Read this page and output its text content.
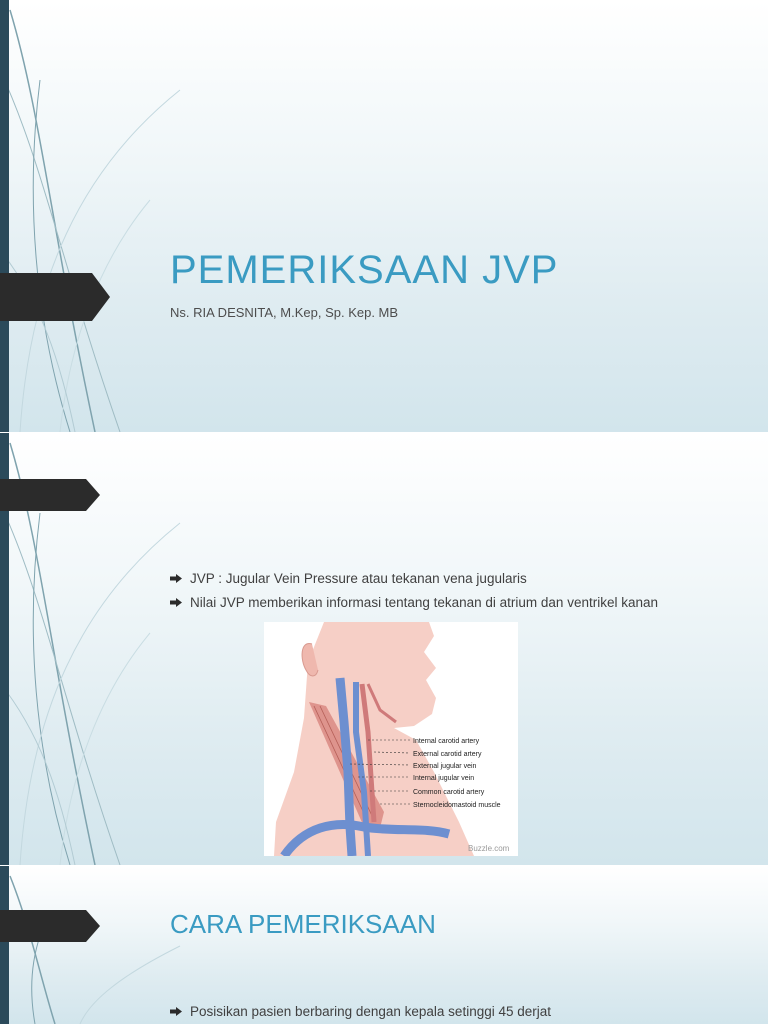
PEMERIKSAAN JVP

Ns. RIA DESNITA, M.Kep, Sp. Kep. MB

JVP : Jugular Vein Pressure atau tekanan vena jugularis
Nilai JVP memberikan informasi tentang tekanan di atrium dan ventrikel kanan
Internal carotid artery
External carotid artery
External jugular vein
Internal jugular vein
Common carotid artery
Sternocleidomastoid muscle
Buzzle.com
CARA PEMERIKSAAN
Posisikan pasien berbaring dengan kepala setinggi 45 derjat
